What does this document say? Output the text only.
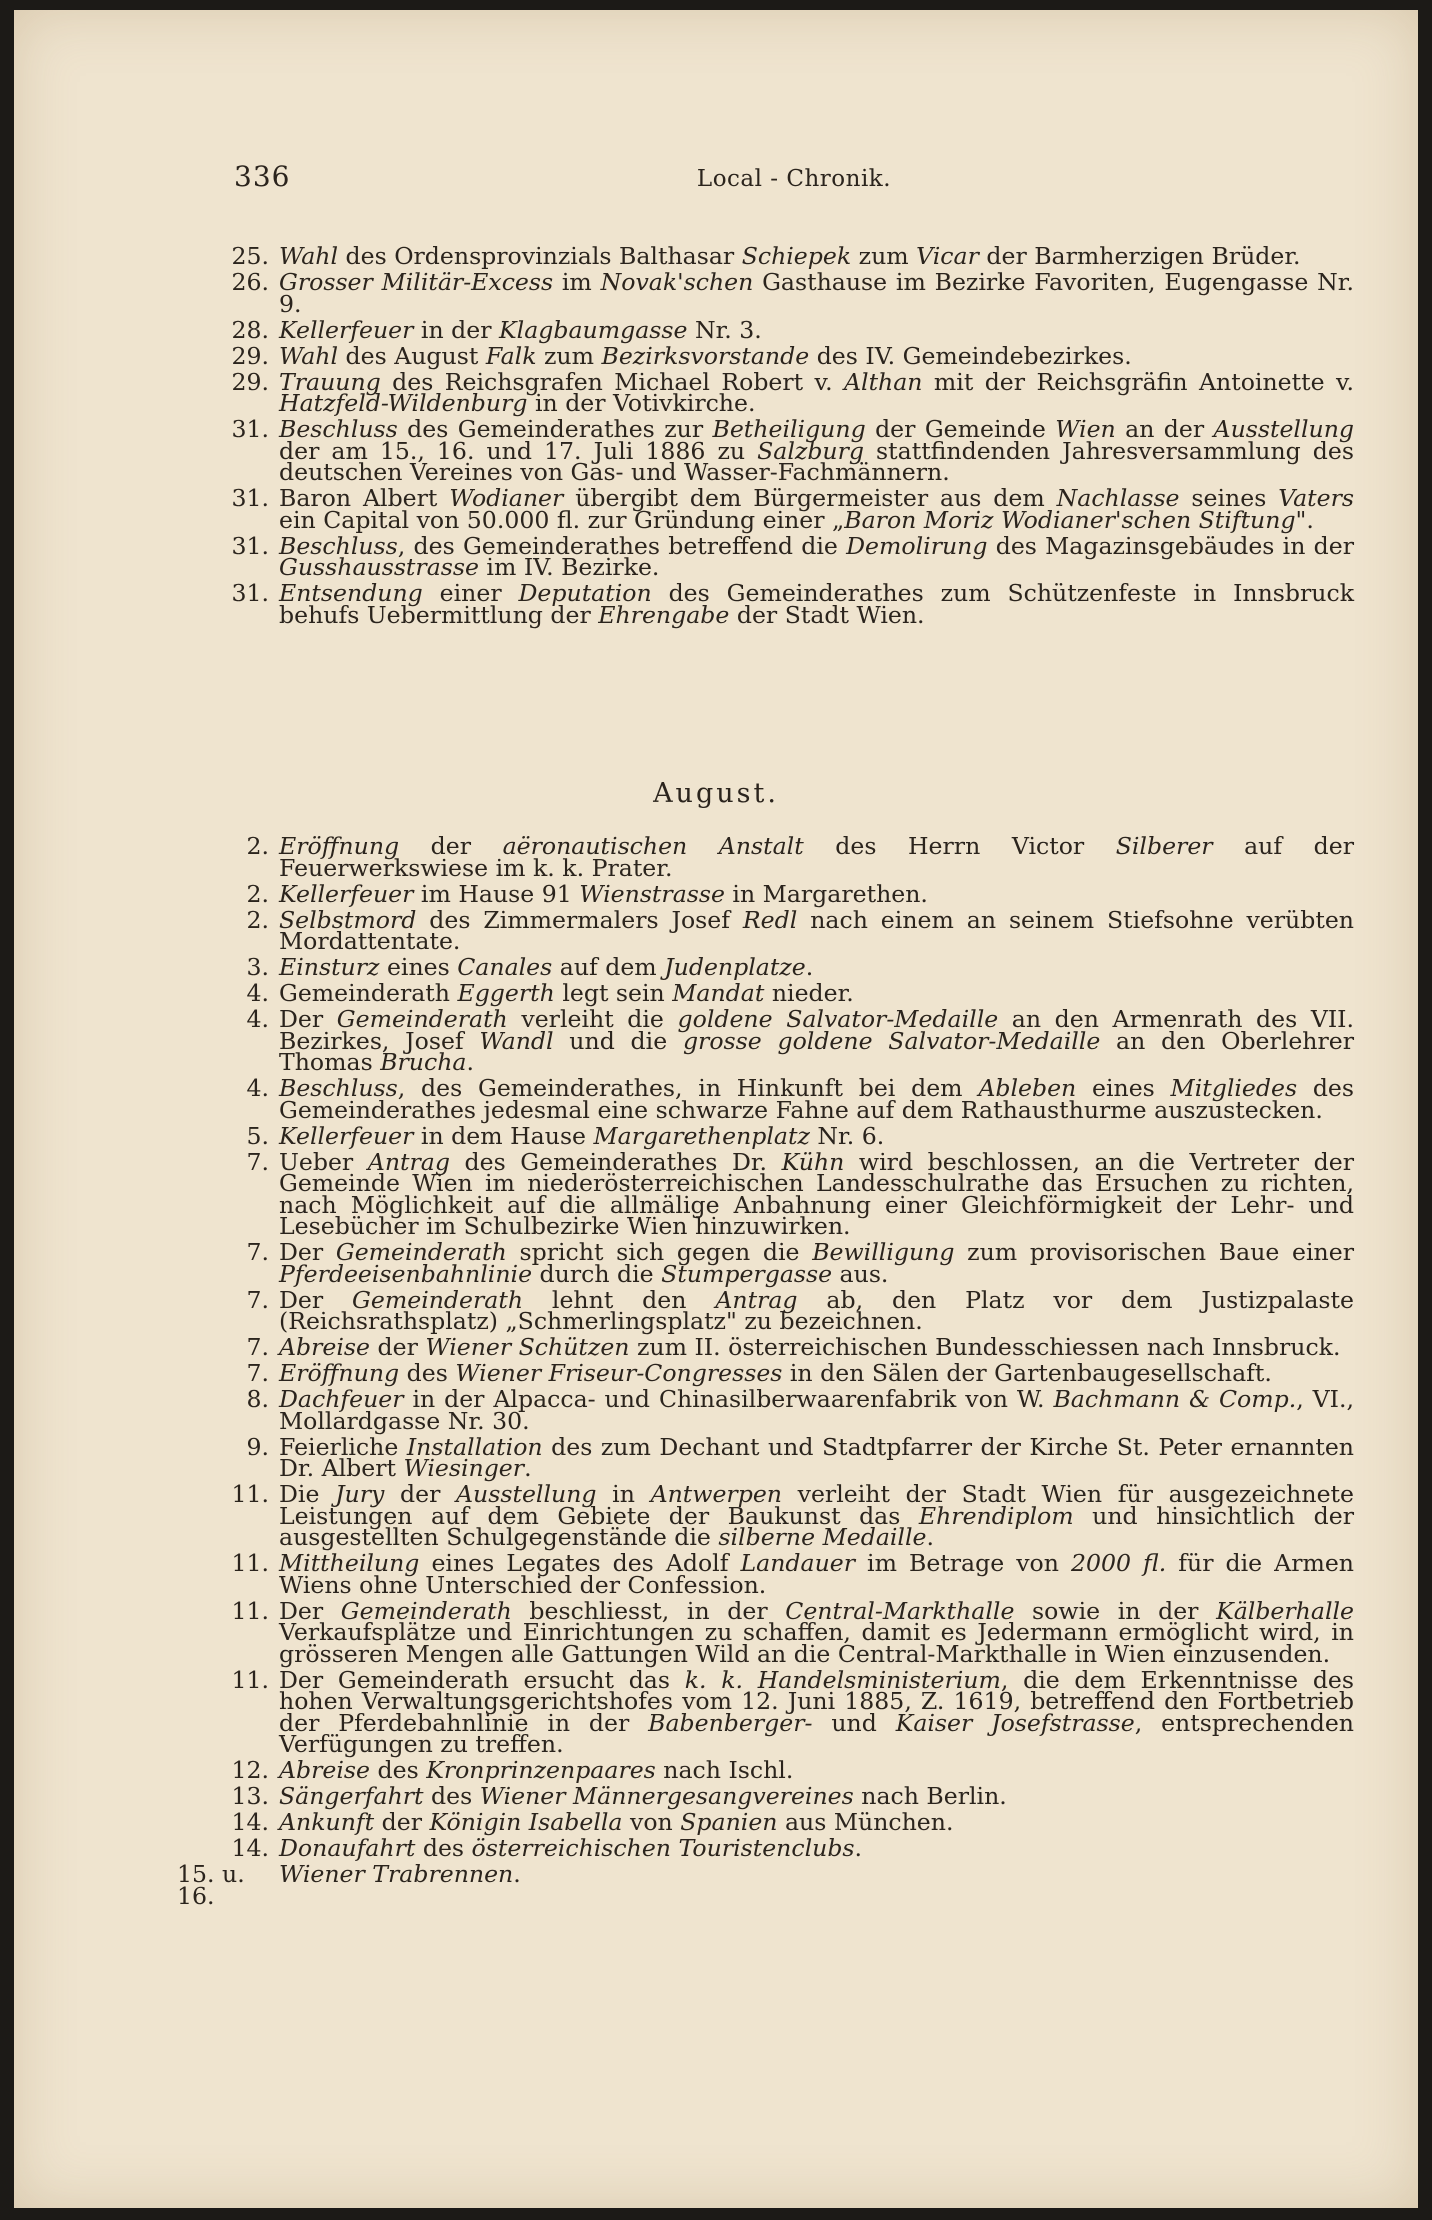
336	Local - Chronik.
25. Wahl des Ordensprovinzials Balthasar Schiepek zum Vicar der Barmherzigen Brüder.
26. Grosser Militär-Excess im Novak'schen Gasthause im Bezirke Favoriten, Eugengasse Nr. 9.
28. Kellerfeuer in der Klagbaumgasse Nr. 3.
29. Wahl des August Falk zum Bezirksvorstande des IV. Gemeindebezirkes.
29. Trauung des Reichsgrafen Michael Robert v. Althan mit der Reichsgräfin Antoinette v. Hatzfeld-Wildenburg in der Votivkirche.
31. Beschluss des Gemeinderathes zur Betheiligung der Gemeinde Wien an der Ausstellung der am 15., 16. und 17. Juli 1886 zu Salzburg stattfindenden Jahresversammlung des deutschen Vereines von Gas- und Wasser-Fachmännern.
31. Baron Albert Wodianer übergibt dem Bürgermeister aus dem Nachlasse seines Vaters ein Capital von 50.000 fl. zur Gründung einer „Baron Moriz Wodianer'schen Stiftung".
31. Beschluss, des Gemeinderathes betreffend die Demolirung des Magazinsgebäudes in der Gusshausstrasse im IV. Bezirke.
31. Entsendung einer Deputation des Gemeinderathes zum Schützenfeste in Innsbruck behufs Uebermittlung der Ehrengabe der Stadt Wien.
August.
2. Eröffnung der aëronautischen Anstalt des Herrn Victor Silberer auf der Feuerwerkswiese im k. k. Prater.
2. Kellerfeuer im Hause 91 Wienstrasse in Margarethen.
2. Selbstmord des Zimmermalers Josef Redl nach einem an seinem Stiefsohne verübten Mordattentate.
3. Einsturz eines Canales auf dem Judenplatze.
4. Gemeinderath Eggerth legt sein Mandat nieder.
4. Der Gemeinderath verleiht die goldene Salvator-Medaille an den Armenrath des VII. Bezirkes, Josef Wandl und die grosse goldene Salvator-Medaille an den Oberlehrer Thomas Brucha.
4. Beschluss, des Gemeinderathes, in Hinkunft bei dem Ableben eines Mitgliedes des Gemeinderathes jedesmal eine schwarze Fahne auf dem Rathausthurme auszustecken.
5. Kellerfeuer in dem Hause Margarethenplatz Nr. 6.
7. Ueber Antrag des Gemeinderathes Dr. Kühn wird beschlossen, an die Vertreter der Gemeinde Wien im niederösterreichischen Landesschulrathe das Ersuchen zu richten, nach Möglichkeit auf die allmälige Anbahnung einer Gleichförmigkeit der Lehr- und Lesebücher im Schulbezirke Wien hinzuwirken.
7. Der Gemeinderath spricht sich gegen die Bewilligung zum provisorischen Baue einer Pferdeeisenbahnlinie durch die Stumpergasse aus.
7. Der Gemeinderath lehnt den Antrag ab, den Platz vor dem Justizpalaste (Reichsrathsplatz) „Schmerlingsplatz" zu bezeichnen.
7. Abreise der Wiener Schützen zum II. österreichischen Bundesschiessen nach Innsbruck.
7. Eröffnung des Wiener Friseur-Congresses in den Sälen der Gartenbaugesellschaft.
8. Dachfeuer in der Alpacca- und Chinasilberwaarenfabrik von W. Bachmann & Comp., VI., Mollardgasse Nr. 30.
9. Feierliche Installation des zum Dechant und Stadtpfarrer der Kirche St. Peter ernannten Dr. Albert Wiesinger.
11. Die Jury der Ausstellung in Antwerpen verleiht der Stadt Wien für ausgezeichnete Leistungen auf dem Gebiete der Baukunst das Ehrendiplom und hinsichtlich der ausgestellten Schulgegenstände die silberne Medaille.
11. Mittheilung eines Legates des Adolf Landauer im Betrage von 2000 fl. für die Armen Wiens ohne Unterschied der Confession.
11. Der Gemeinderath beschliesst, in der Central-Markthalle sowie in der Kälberhalle Verkaufsplätze und Einrichtungen zu schaffen, damit es Jedermann ermöglicht wird, in grösseren Mengen alle Gattungen Wild an die Central-Markthalle in Wien einzusenden.
11. Der Gemeinderath ersucht das k. k. Handelsministerium, die dem Erkenntnisse des hohen Verwaltungsgerichtshofes vom 12. Juni 1885, Z. 1619, betreffend den Fortbetrieb der Pferdebahnlinie in der Babenberger- und Kaiser Josefstrasse, entsprechenden Verfügungen zu treffen.
12. Abreise des Kronprinzenpaares nach Ischl.
13. Sängerfahrt des Wiener Männergesangvereines nach Berlin.
14. Ankunft der Königin Isabella von Spanien aus München.
14. Donaufahrt des österreichischen Touristenclubs.
15. u. 16.
Wiener Trabrennen.
